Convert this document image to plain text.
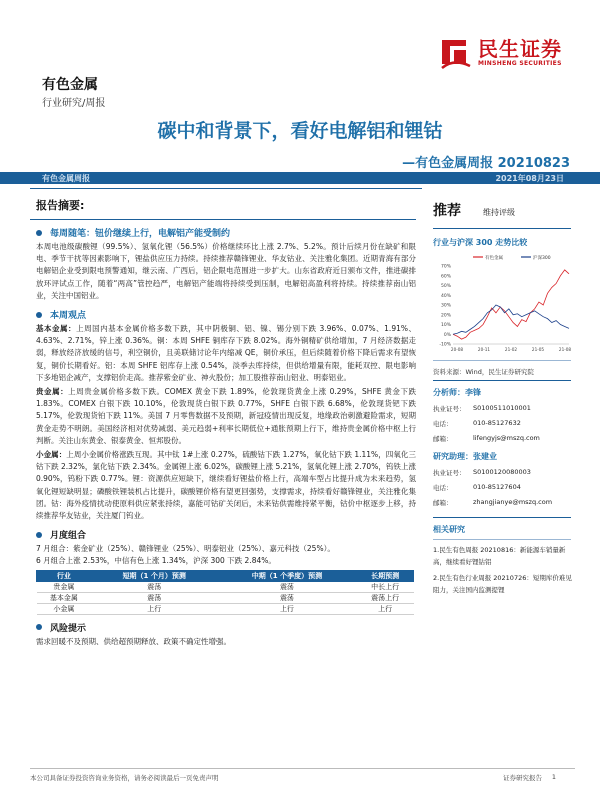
民生证券
MINSHENG SECURITIES
有色金属
行业研究/周报
碳中和背景下，看好电解铝和锂钴
—有色金属周报 20210823
有色金属周报	2021年08月23日
报告摘要:
每周随笔：钮价继续上行，电解铝产能受制约

本周电池级碳酸锂（99.5%）、氢氧化锂（56.5%）价格继续环比上涨 2.7%、5.2%。预计后续月份在缺矿和限电、季节干扰等因素影响下，锂盐供应压力持续。持续推荐赣锋锂业、华友钴业、关注雅化集团。近期青海有部分电解铝企业受到限电预警通知，继云南、广西后，铝企限电范围进一步扩大。山东省政府近日颁布文件，推进碳排放环评试点工作，随着“两高”管控趋严，电解铝产能端将持续受到压制，电解铝高盈利将持续。持续推荐南山铝业，关注中国铝业。

本周观点

基本金属：上周国内基本金属价格多数下跌，其中阴极铜、铝、镍、锡分别下跌 3.96%、0.07%、1.91%、4.63%、2.71%，锌上涨 0.36%。铜：本周 SHFE 铜库存下跌 8.02%。海外铜精矿供给增加，7 月经济数据走弱，释放经济放缓的信号，利空铜价，且美联储讨论年内缩减 QE，铜价承压，但后续随着价格下降后需求有望恢复，铜价长期看好。铝：本周 SHFE 铝库存上涨 0.54%，淡季去库持续，但供给增量有限，能耗双控、限电影响下多地铝企减产，支撑铝价走高。推荐紫金矿业、神火股份；加工股推荐南山铝业、明泰铝业。

贵金属：上周贵金属价格多数下跌。COMEX 黄金下跌 1.89%，伦敦现货黄金上涨 0.29%，SHFE 黄金下跌 1.83%。COMEX 白银下跌 10.10%，伦敦现货白银下跌 0.77%，SHFE 白银下跌 6.68%，伦敦现货钯下跌 5.17%，伦敦现货铂下跌 11%。美国 7 月零售数据不及预期，新冠疫情出现反复，地缘政治刺激避险需求，短期黄金走势不明朗。美国经济相对优势减弱、美元趋弱+利率长期低位+通胀预期上行下，维持贵金属价格中枢上行判断。关注山东黄金、银泰黄金、恒邦股份。

小金属：上周小金属价格涨跌互现。其中钛 1#上涨 0.27%，硫酸钴下跌 1.27%，氧化钴下跌 1.11%，四氧化三钴下跌 2.32%，氯化钴下跌 2.34%。金属锂上涨 6.02%，碳酸锂上涨 5.21%，氢氧化锂上涨 2.70%，钨铁上涨 0.90%，钨粉下跌 0.77%。锂：资源供应短缺下，继续看好锂盐价格上行，高端车型占比提升成为未来趋势，氢氧化锂短缺明显；磷酸铁锂装机占比提升，碳酸锂价格有望更回强势，支撑需求，持续看好赣锋锂业，关注雅化集团。钴：海外疫情扰动使原料供应紧张持续，嘉能可钴矿关闭后，未来钴供需维持紧平衡，钴价中枢逐步上移，持续推荐华友钴业，关注厦门钨业。

月度组合

7 月组合：紫金矿业（25%）、赣锋锂业（25%）、明泰铝业（25%）、嘉元科技（25%）。

6 月组合上涨 2.53%，中信有色上涨 1.34%，沪深 300 下跌 2.84%。

行业	短期（1 个月）预测	中期（1 个季度）预测	长期预测
贵金属	震荡	震荡	中长上行
基本金属	震荡	震荡	震荡上行
小金属	上行	上行	上行
风险提示

需求回暖不及预期、供给超预期释放、政策不确定性增强。

推荐	维持评级
行业与沪深 300 走势比较
有色金属	沪深300
70%
60%
50%
40%
30%
20%
10%
0%
-10%
20-08	20-11	21-02	21-05	21-08
资料来源：Wind，民生证券研究院
分析师：李锋
执业证号：	S0100511010001
电话：	010-85127632
邮箱：	lifengyjs@mszq.com
研究助理：张建业
执业证号：	S0100120080003
电话：	010-85127604
邮箱：	zhangjianye@mszq.com
相关研究
1.民生有色周报 20210816：新能源车销量新高，继续看好锂钴铝
2.民生有色行业周报 20210726：短期库价难见阻力，关注国内监测提锂
本公司具备证券投资咨询业务资格，请务必阅读最后一页免责声明	证券研究报告 1
